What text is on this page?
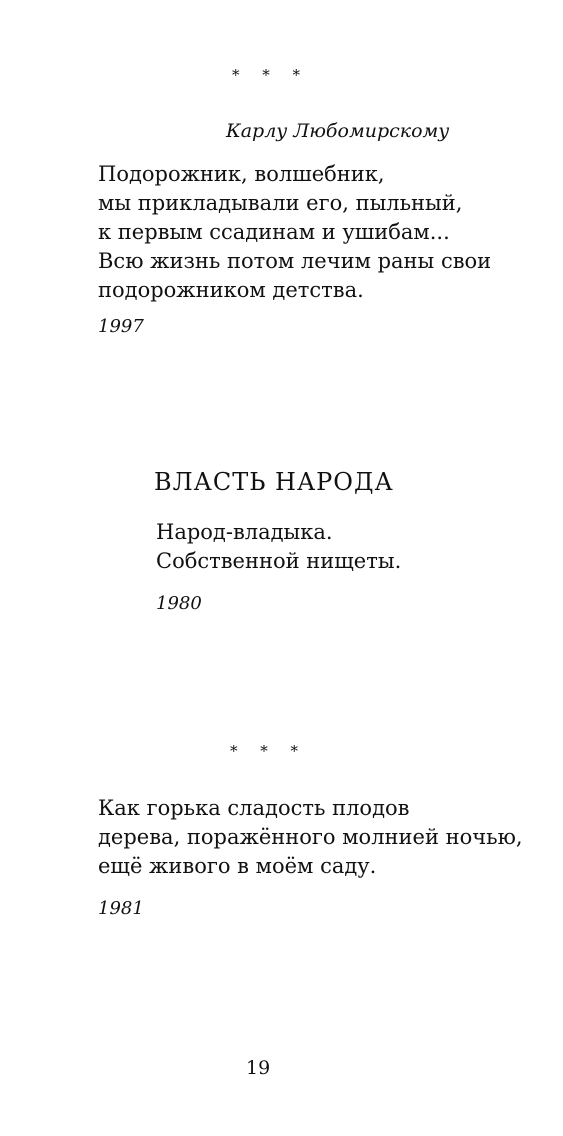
* * *
Карлу Любомирскому
Подорожник, волшебник,
мы прикладывали его, пыльный,
к первым ссадинам и ушибам...
Всю жизнь потом лечим раны свои
подорожником детства.
1997
ВЛАСТЬ НАРОДА
Народ-владыка.
Собственной нищеты.
1980
* * *
Как горька сладость плодов
дерева, поражённого молнией ночью,
ещё живого в моём саду.
1981
19
